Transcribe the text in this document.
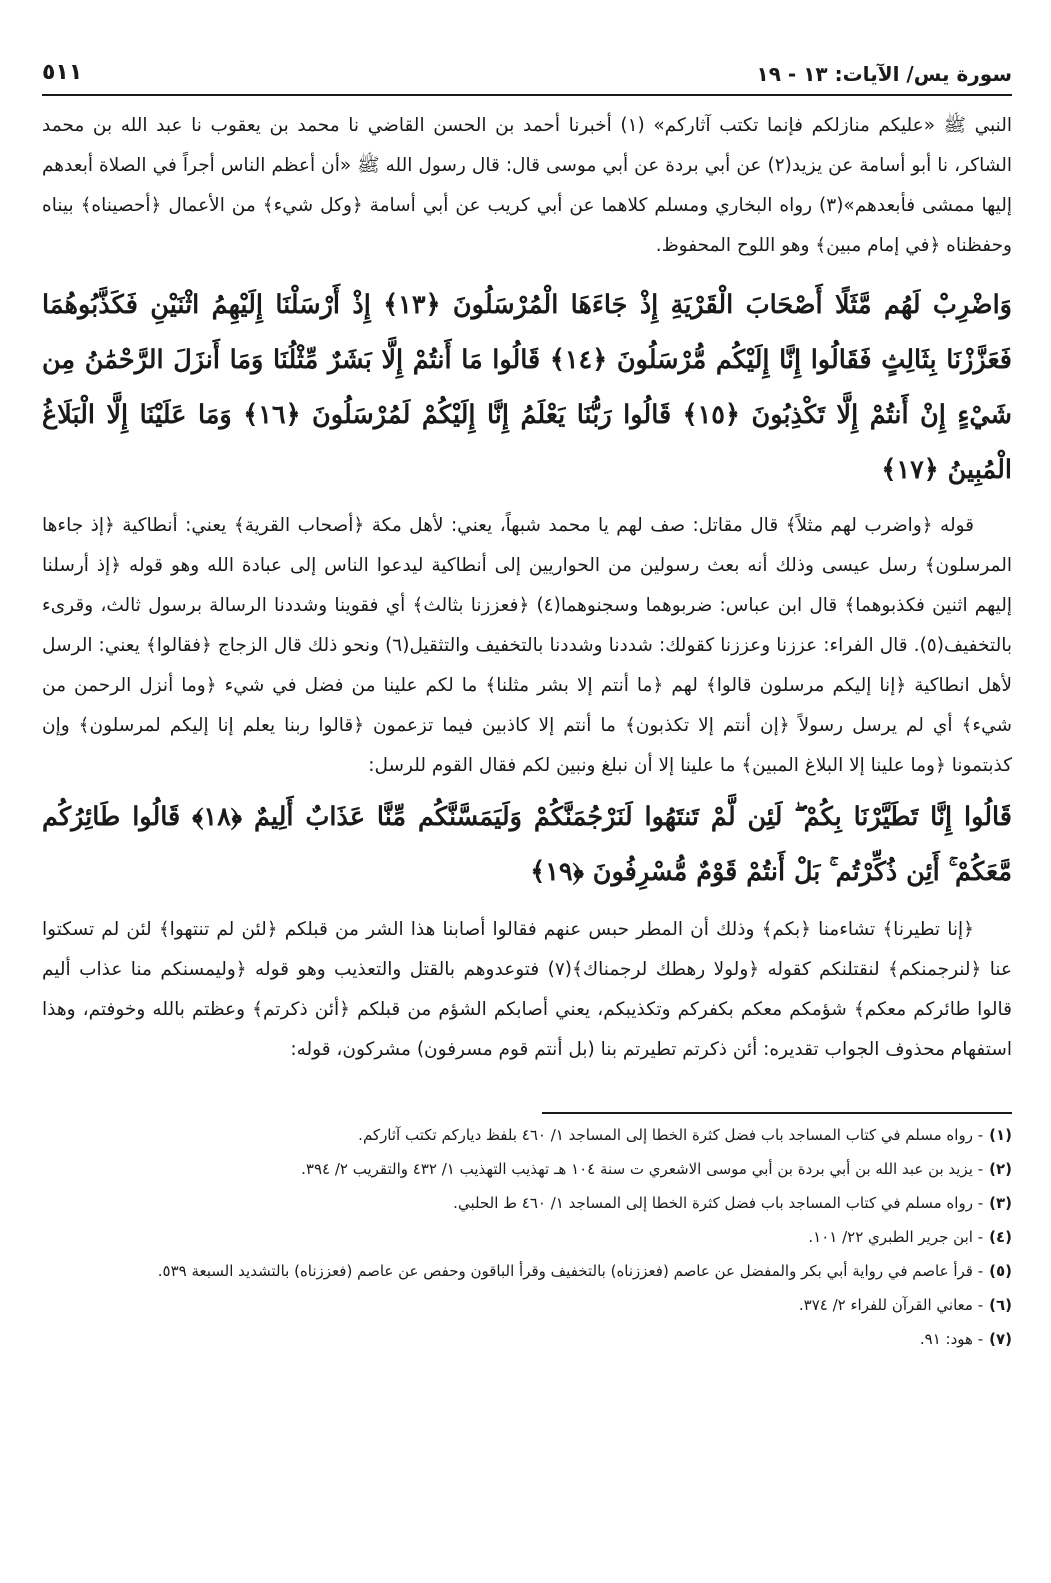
سورة يس/ الآيات: ١٣ - ١٩
٥١١

النبي ﷺ «عليكم منازلكم فإنما تكتب آثاركم» (١) أخبرنا أحمد بن الحسن القاضي نا محمد بن يعقوب نا عبد الله بن محمد الشاكر، نا أبو أسامة عن يزيد(٢) عن أبي بردة عن أبي موسى قال: قال رسول الله ﷺ «أن أعظم الناس أجراً في الصلاة أبعدهم إليها ممشى فأبعدهم»(٣) رواه البخاري ومسلم كلاهما عن أبي كريب عن أبي أسامة ﴿وكل شيء﴾ من الأعمال ﴿أحصيناه﴾ بيناه وحفظناه ﴿في إمام مبين﴾ وهو اللوح المحفوظ.

وَاضْرِبْ لَهُم مَّثَلًا أَصْحَابَ الْقَرْيَةِ إِذْ جَاءَهَا الْمُرْسَلُونَ ﴿١٣﴾ إِذْ أَرْسَلْنَا إِلَيْهِمُ اثْنَيْنِ فَكَذَّبُوهُمَا فَعَزَّزْنَا بِثَالِثٍ فَقَالُوا إِنَّا إِلَيْكُم مُّرْسَلُونَ ﴿١٤﴾ قَالُوا مَا أَنتُمْ إِلَّا بَشَرٌ مِّثْلُنَا وَمَا أَنزَلَ الرَّحْمَٰنُ مِن شَيْءٍ إِنْ أَنتُمْ إِلَّا تَكْذِبُونَ ﴿١٥﴾ قَالُوا رَبُّنَا يَعْلَمُ إِنَّا إِلَيْكُمْ لَمُرْسَلُونَ ﴿١٦﴾ وَمَا عَلَيْنَا إِلَّا الْبَلَاغُ الْمُبِينُ ﴿١٧﴾

قوله ﴿واضرب لهم مثلاً﴾ قال مقاتل: صف لهم يا محمد شبهاً، يعني: لأهل مكة ﴿أصحاب القرية﴾ يعني: أنطاكية ﴿إذ جاءها المرسلون﴾ رسل عيسى وذلك أنه بعث رسولين من الحواريين إلى أنطاكية ليدعوا الناس إلى عبادة الله وهو قوله ﴿إذ أرسلنا إليهم اثنين فكذبوهما﴾ قال ابن عباس: ضربوهما وسجنوهما(٤) ﴿فعززنا بثالث﴾ أي فقوينا وشددنا الرسالة برسول ثالث، وقرىء بالتخفيف(٥). قال الفراء: عززنا وعززنا كقولك: شددنا وشددنا بالتخفيف والتثقيل(٦) ونحو ذلك قال الزجاج ﴿فقالوا﴾ يعني: الرسل لأهل انطاكية ﴿إنا إليكم مرسلون قالوا﴾ لهم ﴿ما أنتم إلا بشر مثلنا﴾ ما لكم علينا من فضل في شيء ﴿وما أنزل الرحمن من شيء﴾ أي لم يرسل رسولاً ﴿إن أنتم إلا تكذبون﴾ ما أنتم إلا كاذبين فيما تزعمون ﴿قالوا ربنا يعلم إنا إليكم لمرسلون﴾ وإن كذبتمونا ﴿وما علينا إلا البلاغ المبين﴾ ما علينا إلا أن نبلغ ونبين لكم فقال القوم للرسل:

قَالُوا إِنَّا تَطَيَّرْنَا بِكُمْ ۖ لَئِن لَّمْ تَنتَهُوا لَنَرْجُمَنَّكُمْ وَلَيَمَسَّنَّكُم مِّنَّا عَذَابٌ أَلِيمٌ ﴿١٨﴾ قَالُوا طَائِرُكُم مَّعَكُمْ ۚ أَئِن ذُكِّرْتُم ۚ بَلْ أَنتُمْ قَوْمٌ مُّسْرِفُونَ ﴿١٩﴾

﴿إنا تطيرنا﴾ تشاءمنا ﴿بكم﴾ وذلك أن المطر حبس عنهم فقالوا أصابنا هذا الشر من قبلكم ﴿لئن لم تنتهوا﴾ لئن لم تسكتوا عنا ﴿لنرجمنكم﴾ لنقتلنكم كقوله ﴿ولولا رهطك لرجمناك﴾(٧) فتوعدوهم بالقتل والتعذيب وهو قوله ﴿وليمسنكم منا عذاب أليم قالوا طائركم معكم﴾ شؤمكم معكم بكفركم وتكذيبكم، يعني أصابكم الشؤم من قبلكم ﴿أئن ذكرتم﴾ وعظتم بالله وخوفتم، وهذا استفهام محذوف الجواب تقديره: أئن ذكرتم تطيرتم بنا (بل أنتم قوم مسرفون) مشركون، قوله:

(١)- رواه مسلم في كتاب المساجد باب فضل كثرة الخطا إلى المساجد ١/ ٤٦٠ بلفظ دياركم تكتب آثاركم.

(٢)- يزيد بن عبد الله بن أبي بردة بن أبي موسى الاشعري ت سنة ١٠٤ هـ تهذيب التهذيب ١/ ٤٣٢ والتقريب ٢/ ٣٩٤.

(٣)- رواه مسلم في كتاب المساجد باب فضل كثرة الخطا إلى المساجد ١/ ٤٦٠ ط الحلبي.

(٤)- ابن جرير الطبري ٢٢/ ١٠١.

(٥)- قرأ عاصم في رواية أبي بكر والمفضل عن عاصم (فعززناه) بالتخفيف وقرأ الباقون وحفص عن عاصم (فعززناه) بالتشديد السبعة ٥٣٩.

(٦)- معاني القرآن للفراء ٢/ ٣٧٤.

(٧)- هود: ٩١.
